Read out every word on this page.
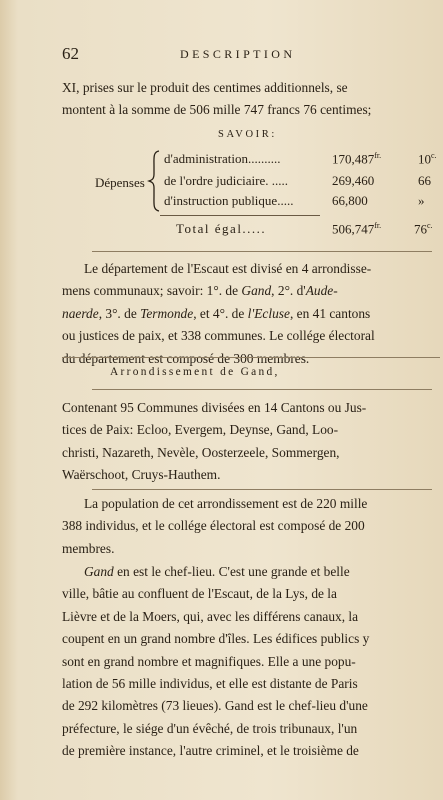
62	DESCRIPTION
XI, prises sur le produit des centimes additionnels, se
montent à la somme de 506 mille 747 francs 76 centimes;
SAVOIR:
Dépenses
d'administration..........	$170,487^{fr.}$	$10^{c.}$
de l'ordre judiciaire. .....	269,460	66
d'instruction publique.....	66,800	»
Total égal.....	$506,747^{fr.}$	$76^{c.}$
Le département de l'Escaut est divisé en 4 arrondisse-
mens communaux; savoir: 1°. de Gand, 2°. d'Aude-
naerde, 3°. de Termonde, et 4°. de l'Ecluse, en 41 cantons
ou justices de paix, et 338 communes. Le collége électoral
du département est composé de 300 membres.
Arrondissement de Gand,
Contenant 95 Communes divisées en 14 Cantons ou Jus-
tices de Paix: Ecloo, Evergem, Deynse, Gand, Loo-
christi, Nazareth, Nevèle, Oosterzeele, Sommergen,
Waërschoot, Cruys-Hauthem.
La population de cet arrondissement est de 220 mille
388 individus, et le collége électoral est composé de 200
membres.
Gand en est le chef-lieu. C'est une grande et belle
ville, bâtie au confluent de l'Escaut, de la Lys, de la
Lièvre et de la Moers, qui, avec les différens canaux, la
coupent en un grand nombre d'îles. Les édifices publics y
sont en grand nombre et magnifiques. Elle a une popu-
lation de 56 mille individus, et elle est distante de Paris
de 292 kilomètres (73 lieues). Gand est le chef-lieu d'une
préfecture, le siége d'un évêché, de trois tribunaux, l'un
de première instance, l'autre criminel, et le troisième de
